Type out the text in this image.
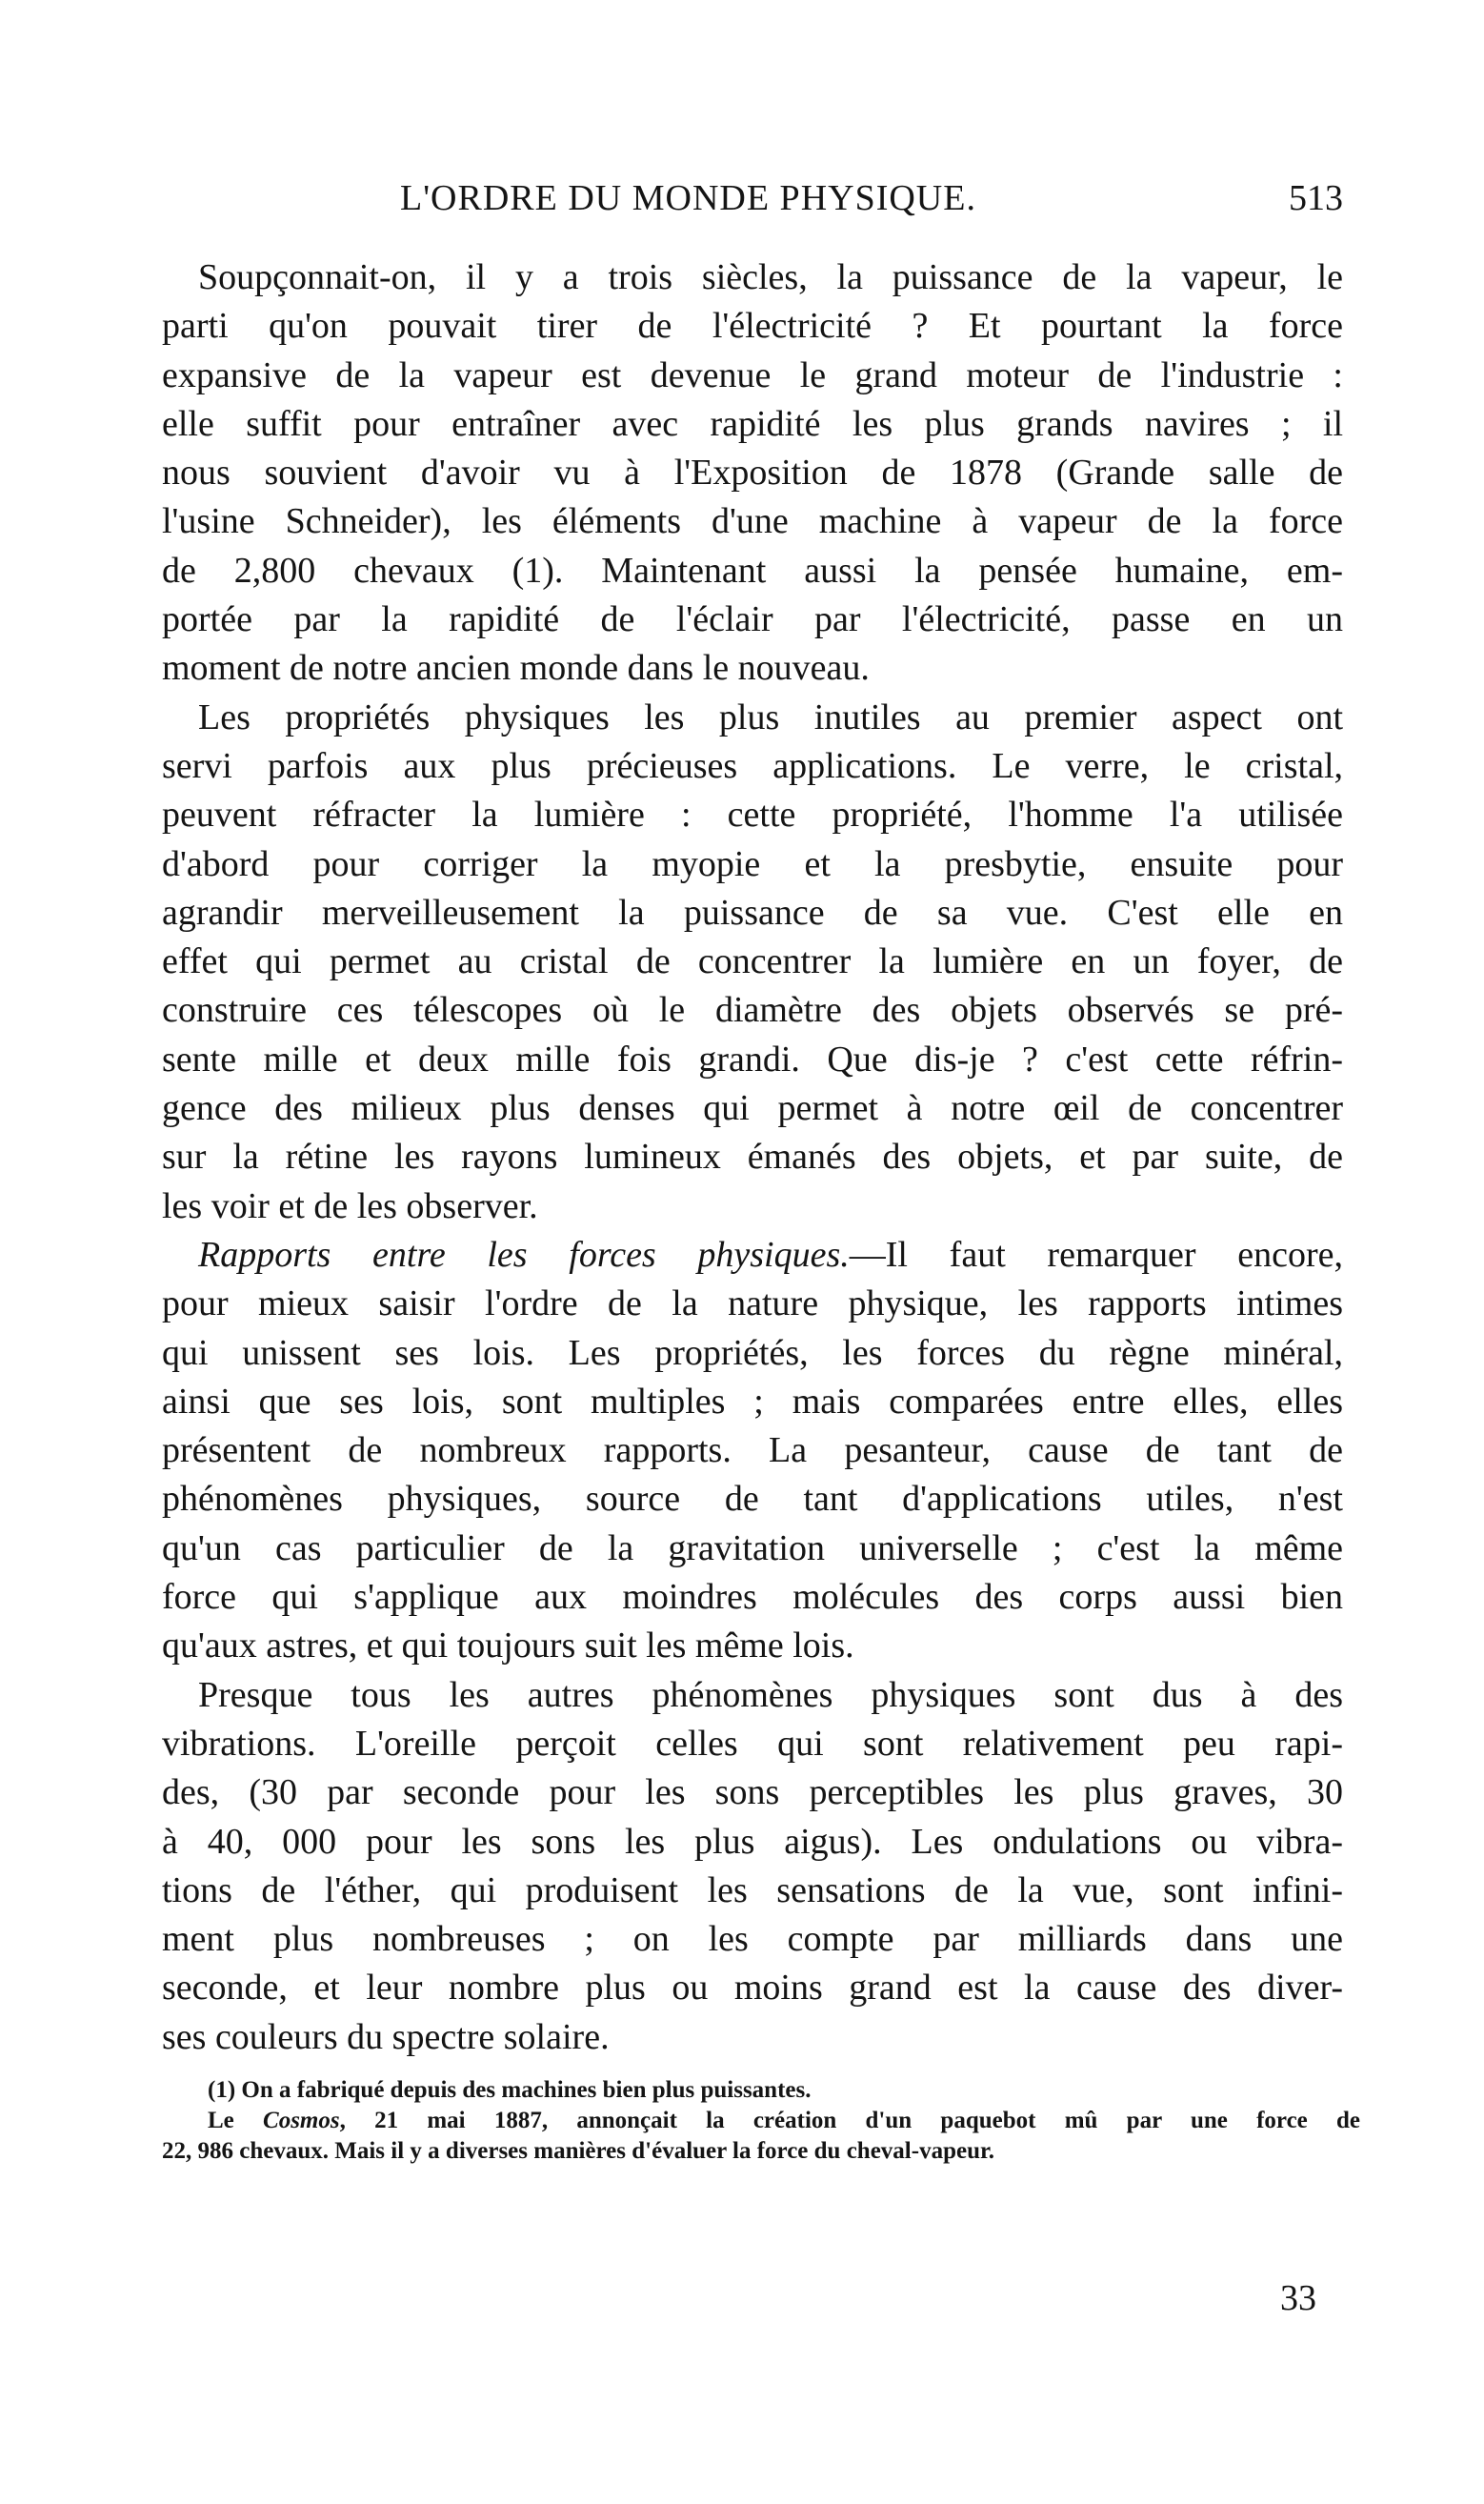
L'ORDRE DU MONDE PHYSIQUE.	513
Soupçonnait-on, il y a trois siècles, la puissance de la vapeur, le
parti qu'on pouvait tirer de l'électricité ? Et pourtant la force
expansive de la vapeur est devenue le grand moteur de l'industrie :
elle suffit pour entraîner avec rapidité les plus grands navires ; il
nous souvient d'avoir vu à l'Exposition de 1878 (Grande salle de
l'usine Schneider), les éléments d'une machine à vapeur de la force
de 2,800 chevaux (1). Maintenant aussi la pensée humaine, em-
portée par la rapidité de l'éclair par l'électricité, passe en un
moment de notre ancien monde dans le nouveau.
Les propriétés physiques les plus inutiles au premier aspect ont
servi parfois aux plus précieuses applications. Le verre, le cristal,
peuvent réfracter la lumière : cette propriété, l'homme l'a utilisée
d'abord pour corriger la myopie et la presbytie, ensuite pour
agrandir merveilleusement la puissance de sa vue. C'est elle en
effet qui permet au cristal de concentrer la lumière en un foyer, de
construire ces télescopes où le diamètre des objets observés se pré-
sente mille et deux mille fois grandi. Que dis-je ? c'est cette réfrin-
gence des milieux plus denses qui permet à notre œil de concentrer
sur la rétine les rayons lumineux émanés des objets, et par suite, de
les voir et de les observer.
Rapports entre les forces physiques.—Il faut remarquer encore,
pour mieux saisir l'ordre de la nature physique, les rapports intimes
qui unissent ses lois. Les propriétés, les forces du règne minéral,
ainsi que ses lois, sont multiples ; mais comparées entre elles, elles
présentent de nombreux rapports. La pesanteur, cause de tant de
phénomènes physiques, source de tant d'applications utiles, n'est
qu'un cas particulier de la gravitation universelle ; c'est la même
force qui s'applique aux moindres molécules des corps aussi bien
qu'aux astres, et qui toujours suit les même lois.
Presque tous les autres phénomènes physiques sont dus à des
vibrations. L'oreille perçoit celles qui sont relativement peu rapi-
des, (30 par seconde pour les sons perceptibles les plus graves, 30
à 40, 000 pour les sons les plus aigus). Les ondulations ou vibra-
tions de l'éther, qui produisent les sensations de la vue, sont infini-
ment plus nombreuses ; on les compte par milliards dans une
seconde, et leur nombre plus ou moins grand est la cause des diver-
ses couleurs du spectre solaire.
(1) On a fabriqué depuis des machines bien plus puissantes.
Le Cosmos, 21 mai 1887, annonçait la création d'un paquebot mû par une force de
22, 986 chevaux. Mais il y a diverses manières d'évaluer la force du cheval-vapeur.
33
